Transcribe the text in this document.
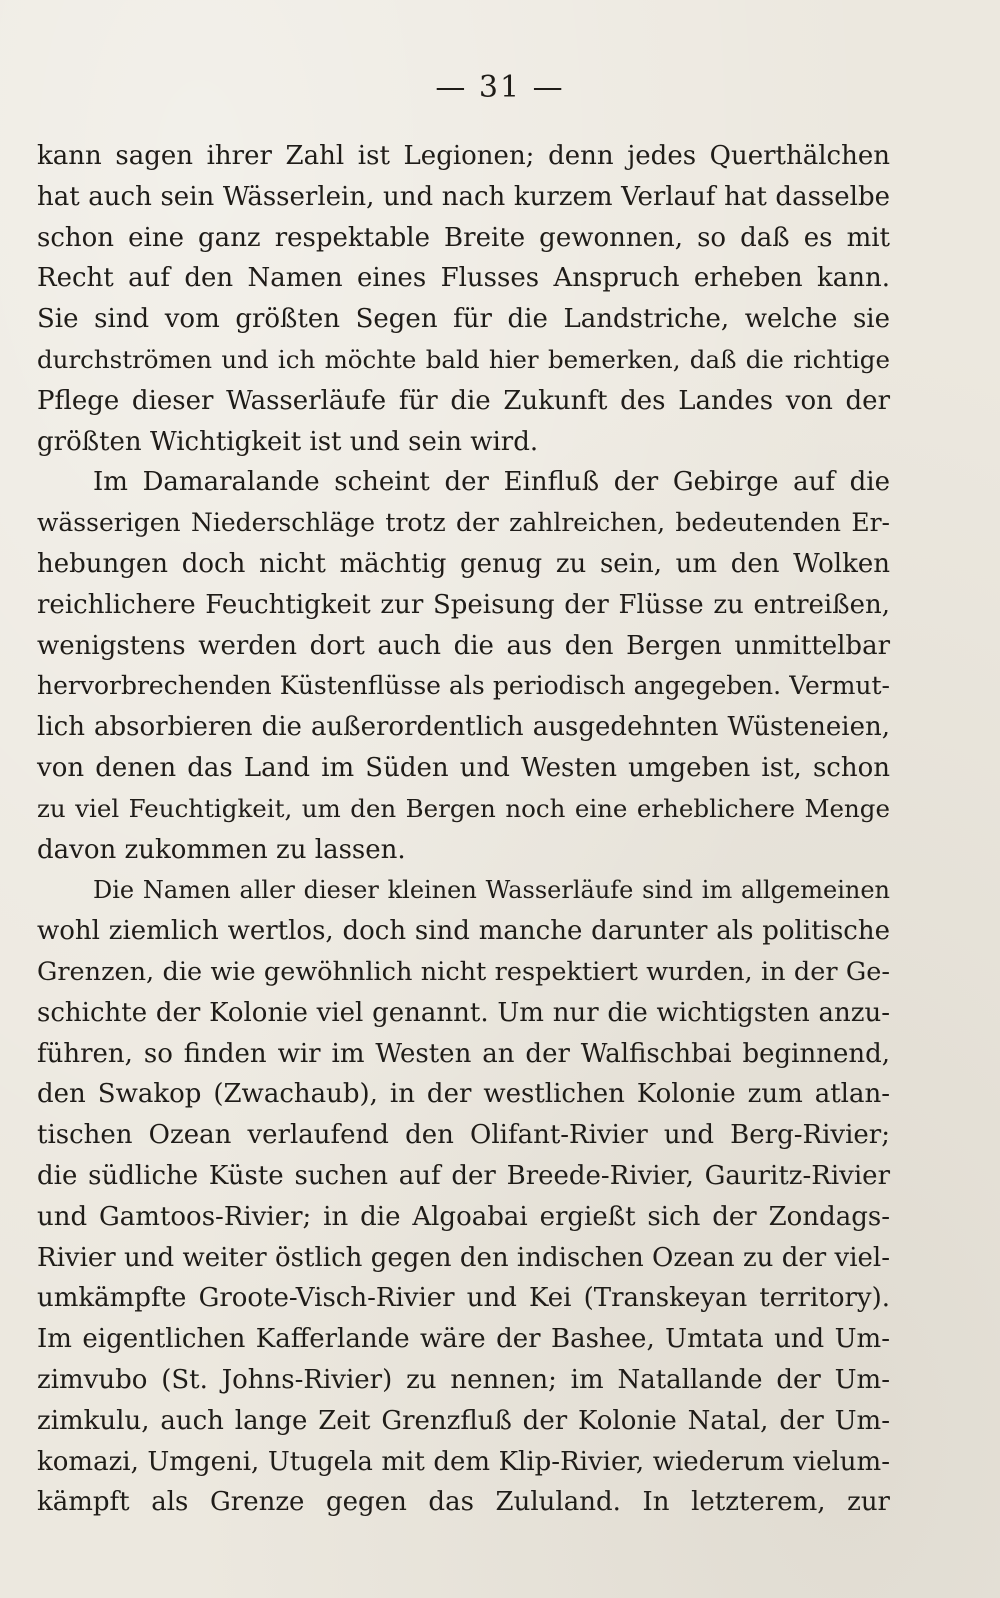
— 31 —
kann sagen ihrer Zahl ist Legionen; denn jedes Querthälchen
hat auch sein Wässerlein, und nach kurzem Verlauf hat dasselbe
schon eine ganz respektable Breite gewonnen, so daß es mit
Recht auf den Namen eines Flusses Anspruch erheben kann.
Sie sind vom größten Segen für die Landstriche, welche sie
durchströmen und ich möchte bald hier bemerken, daß die richtige
Pflege dieser Wasserläufe für die Zukunft des Landes von der
größten Wichtigkeit ist und sein wird.
Im Damaralande scheint der Einfluß der Gebirge auf die
wässerigen Niederschläge trotz der zahlreichen, bedeutenden Er-
hebungen doch nicht mächtig genug zu sein, um den Wolken
reichlichere Feuchtigkeit zur Speisung der Flüsse zu entreißen,
wenigstens werden dort auch die aus den Bergen unmittelbar
hervorbrechenden Küstenflüsse als periodisch angegeben. Vermut-
lich absorbieren die außerordentlich ausgedehnten Wüsteneien,
von denen das Land im Süden und Westen umgeben ist, schon
zu viel Feuchtigkeit, um den Bergen noch eine erheblichere Menge
davon zukommen zu lassen.
Die Namen aller dieser kleinen Wasserläufe sind im allgemeinen
wohl ziemlich wertlos, doch sind manche darunter als politische
Grenzen, die wie gewöhnlich nicht respektiert wurden, in der Ge-
schichte der Kolonie viel genannt. Um nur die wichtigsten anzu-
führen, so finden wir im Westen an der Walfischbai beginnend,
den Swakop (Zwachaub), in der westlichen Kolonie zum atlan-
tischen Ozean verlaufend den Olifant-Rivier und Berg-Rivier;
die südliche Küste suchen auf der Breede-Rivier, Gauritz-Rivier
und Gamtoos-Rivier; in die Algoabai ergießt sich der Zondags-
Rivier und weiter östlich gegen den indischen Ozean zu der viel-
umkämpfte Groote-Visch-Rivier und Kei (Transkeyan territory).
Im eigentlichen Kafferlande wäre der Bashee, Umtata und Um-
zimvubo (St. Johns-Rivier) zu nennen; im Natallande der Um-
zimkulu, auch lange Zeit Grenzfluß der Kolonie Natal, der Um-
komazi, Umgeni, Utugela mit dem Klip-Rivier, wiederum vielum-
kämpft als Grenze gegen das Zululand. In letzterem, zur
